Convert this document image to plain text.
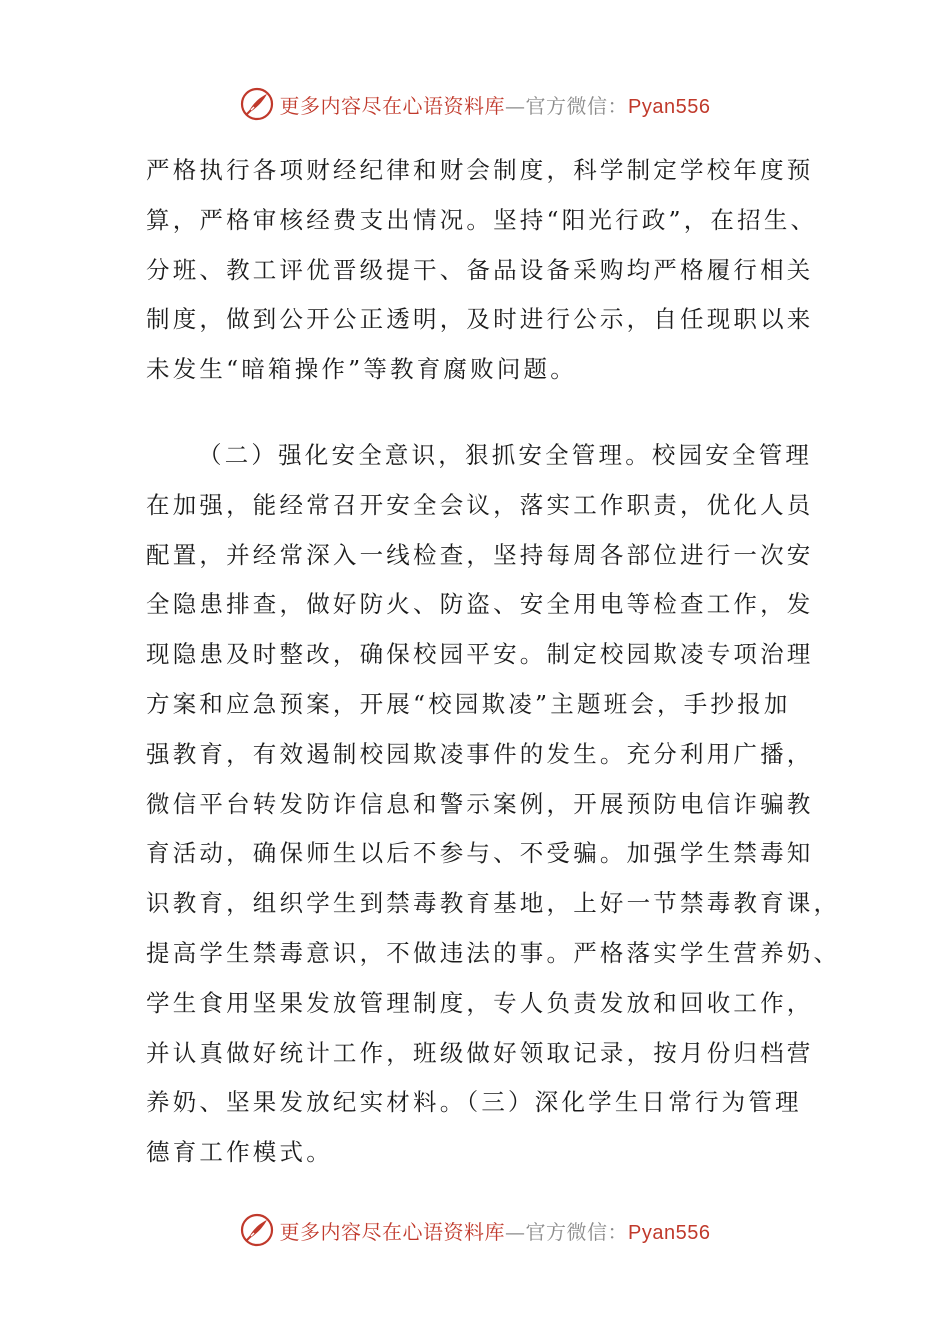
更多内容尽在心语资料库—官方微信：Pyan556
严格执行各项财经纪律和财会制度，科学制定学校年度预
算，严格审核经费支出情况。坚持“阳光行政”，在招生、
分班、教工评优晋级提干、备品设备采购均严格履行相关
制度，做到公开公正透明，及时进行公示，自任现职以来
未发生“暗箱操作”等教育腐败问题。
（二）强化安全意识，狠抓安全管理。校园安全管理
在加强，能经常召开安全会议，落实工作职责，优化人员
配置，并经常深入一线检查，坚持每周各部位进行一次安
全隐患排查，做好防火、防盗、安全用电等检查工作，发
现隐患及时整改，确保校园平安。制定校园欺凌专项治理
方案和应急预案，开展“校园欺凌”主题班会，手抄报加
强教育，有效遏制校园欺凌事件的发生。充分利用广播，
微信平台转发防诈信息和警示案例，开展预防电信诈骗教
育活动，确保师生以后不参与、不受骗。加强学生禁毒知
识教育，组织学生到禁毒教育基地，上好一节禁毒教育课，
提高学生禁毒意识，不做违法的事。严格落实学生营养奶、
学生食用坚果发放管理制度，专人负责发放和回收工作，
并认真做好统计工作，班级做好领取记录，按月份归档营
养奶、坚果发放纪实材料。（三）深化学生日常行为管理
德育工作模式。
更多内容尽在心语资料库—官方微信：Pyan556
